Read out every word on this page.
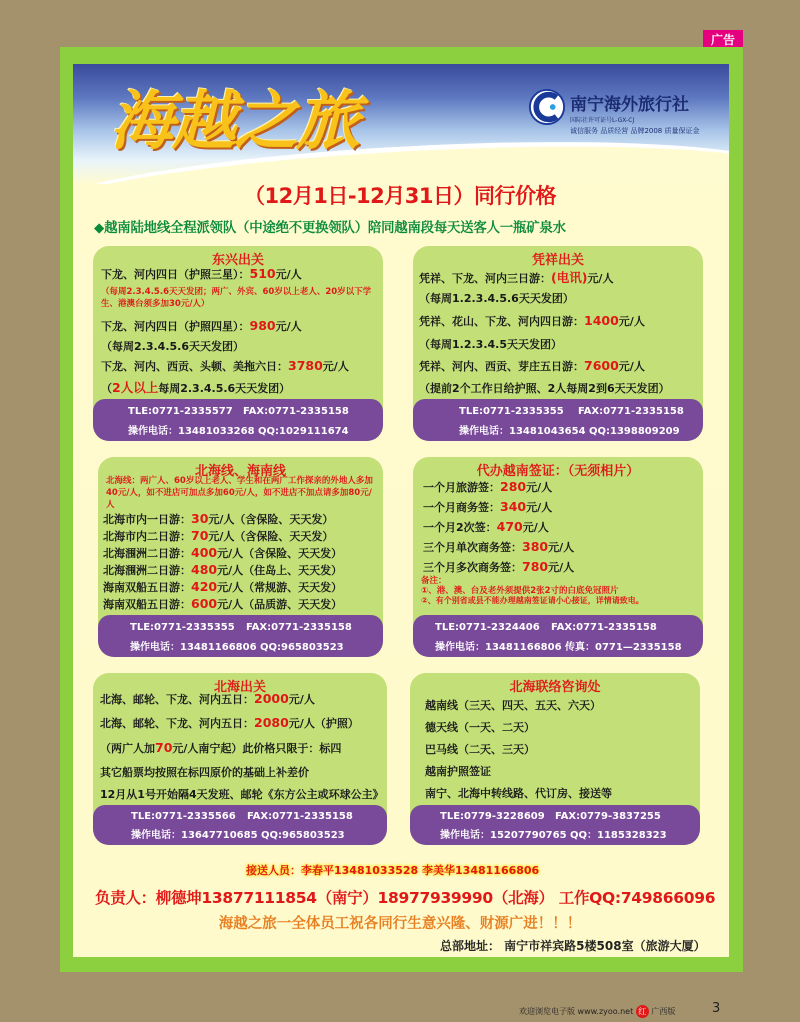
广告
海越之旅	南宁海外旅行社
国际社许可证号L-GX-CJ
诚信服务 品质经营 品牌2008 质量保证金
（12月1日-12月31日）同行价格
◆越南陆地线全程派领队（中途绝不更换领队）陪同越南段每天送客人一瓶矿泉水
东兴出关
下龙、河内四日（护照三星）：510元/人
（每周2.3.4.5.6天天发团；两广、外宾、60岁以上老人、20岁以下学生、港澳台须多加30元/人）
下龙、河内四日（护照四星）：980元/人
（每周2.3.4.5.6天天发团）
下龙、河内、西贡、头顿、美拖六日：3780元/人
（2人以上每周2.3.4.5.6天天发团）
TLE:0771-2335577 FAX:0771-2335158
操作电话：13481033268 QQ:1029111674
凭祥出关
凭祥、下龙、河内三日游：(电讯)元/人
（每周1.2.3.4.5.6天天发团）
凭祥、花山、下龙、河内四日游：1400元/人
（每周1.2.3.4.5天天发团）
凭祥、河内、西贡、芽庄五日游：7600元/人
（提前2个工作日给护照、2人每周2到6天天发团）
TLE:0771-2335355 FAX:0771-2335158
操作电话：13481043654 QQ:1398809209
北海线、海南线
北海线：两广人、60岁以上老人、学生和在两广工作探亲的外地人多加40元/人，如不进店可加点多加60元/人，如不进店不加点请多加80元/人
北海市内一日游：30元/人（含保险、天天发）
北海市内二日游：70元/人（含保险、天天发）
北海涠洲二日游：400元/人（含保险、天天发）
北海涠洲二日游：480元/人（住岛上、天天发）
海南双船五日游：420元/人（常规游、天天发）
海南双船五日游：600元/人（品质游、天天发）
TLE:0771-2335355 FAX:0771-2335158
操作电话：13481166806 QQ:965803523
代办越南签证：（无须相片）
一个月旅游签：280元/人
一个月商务签：340元/人
一个月2次签：470元/人
三个月单次商务签：380元/人
三个月多次商务签：780元/人
备注：
①、港、澳、台及老外须提供2张2寸的白底免冠照片
②、有个别省或县不能办理越南签证请小心接证，详情请致电。
TLE:0771-2324406 FAX:0771-2335158
操作电话：13481166806 传真：0771—2335158
北海出关
北海、邮轮、下龙、河内五日：2000元/人
北海、邮轮、下龙、河内五日：2080元/人（护照）
（两广人加70元/人南宁起）此价格只限于：标四
其它船票均按照在标四原价的基础上补差价
12月从1号开始隔4天发班、邮轮《东方公主或环球公主》
TLE:0771-2335566 FAX:0771-2335158
操作电话：13647710685 QQ:965803523
北海联络咨询处
越南线（三天、四天、五天、六天）
德天线（一天、二天）
巴马线（二天、三天）
越南护照签证
南宁、北海中转线路、代订房、接送等
TLE:0779-3228609 FAX:0779-3837255
操作电话：15207790765 QQ：1185328323
接送人员：李春平13481033528 李美华13481166806
负责人：柳德坤13877111854（南宁）18977939990（北海） 工作QQ:749866096
海越之旅一全体员工祝各同行生意兴隆、财源广进！！！
总部地址： 南宁市祥宾路5楼508室（旅游大厦）
欢迎浏览电子版 www.zyoo.net 红 广西版	3
